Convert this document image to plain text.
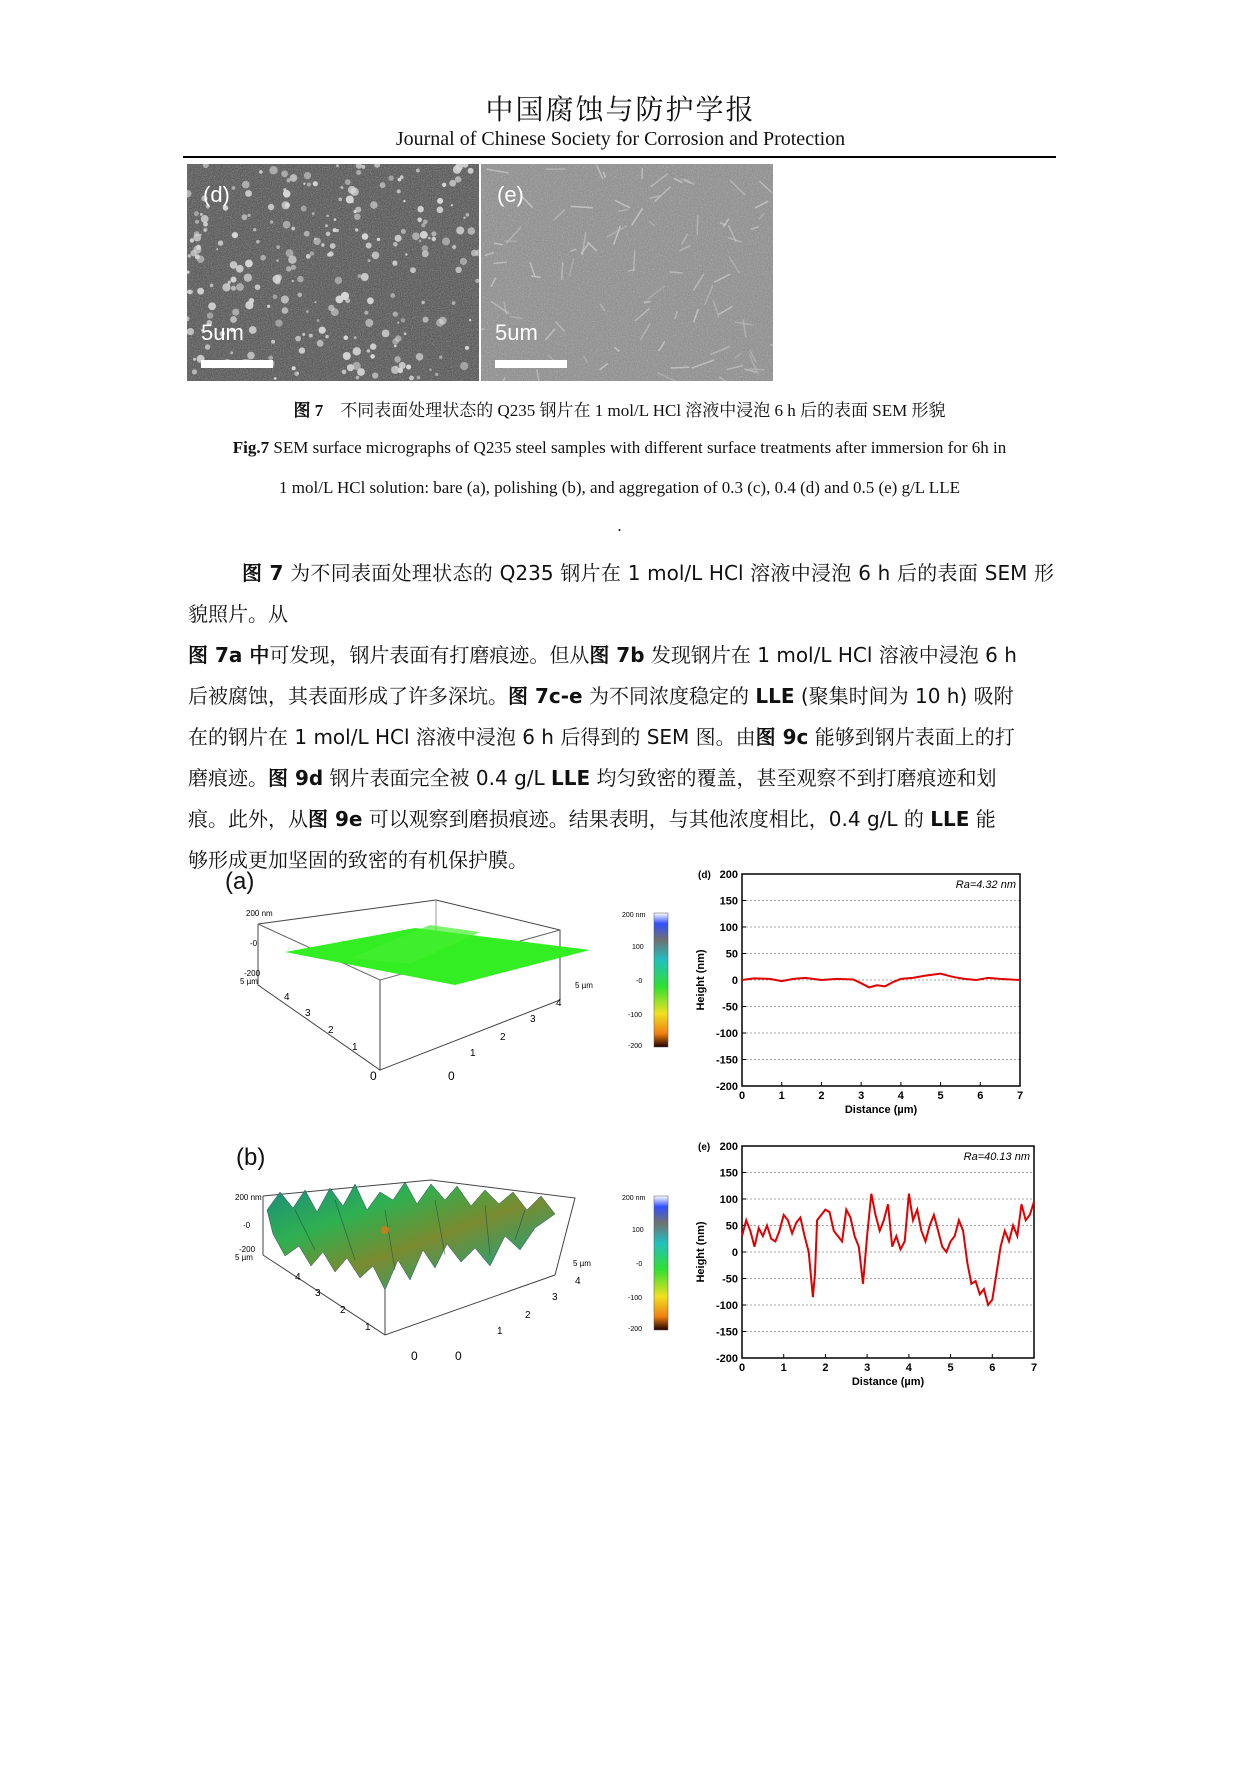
中国腐蚀与防护学报
Journal of Chinese Society for Corrosion and Protection
(d)
5um
(e)
5um
图 7 不同表面处理状态的 Q235 钢片在 1 mol/L HCl 溶液中浸泡 6 h 后的表面 SEM 形貌
Fig.7 SEM surface micrographs of Q235 steel samples with different surface treatments after immersion for 6h in
1 mol/L HCl solution: bare (a), polishing (b), and aggregation of 0.3 (c), 0.4 (d) and 0.5 (e) g/L LLE
.

图 7 为不同表面处理状态的 Q235 钢片在 1 mol/L HCl 溶液中浸泡 6 h 后的表面 SEM 形貌照片。从

图 7a 中可发现，钢片表面有打磨痕迹。但从图 7b 发现钢片在 1 mol/L HCl 溶液中浸泡 6 h

后被腐蚀，其表面形成了许多深坑。图 7c-e 为不同浓度稳定的 LLE (聚集时间为 10 h) 吸附

在的钢片在 1 mol/L HCl 溶液中浸泡 6 h 后得到的 SEM 图。由图 9c 能够到钢片表面上的打

磨痕迹。图 9d 钢片表面完全被 0.4 g/L LLE 均匀致密的覆盖，甚至观察不到打磨痕迹和划

痕。此外，从图 9e 可以观察到磨损痕迹。结果表明，与其他浓度相比，0.4 g/L 的 LLE 能

够形成更加坚固的致密的有机保护膜。

(a)
200 nm
-0
-200
5 µm	5 µm
4
3
2
1
0
4
3
2
1
0
200 nm
100
-0
-100
-200
(b)
200 nm
-0
-200
5 µm
5 µm
4
3
2
1
0
4
3
2
1
0
200 nm
100
-0
-100
-200
200
150
100
50
0
-50
-100
-150
-200
0	1	2	3	4	5	6	7
Distance (µm)
Height (nm)
(d)
Ra=4.32 nm
200
150
100
50
0
-50
-100
-150
-200
0	1	2	3	4	5	6	7
Distance (µm)
Height (nm)
(e)
Ra=40.13 nm
